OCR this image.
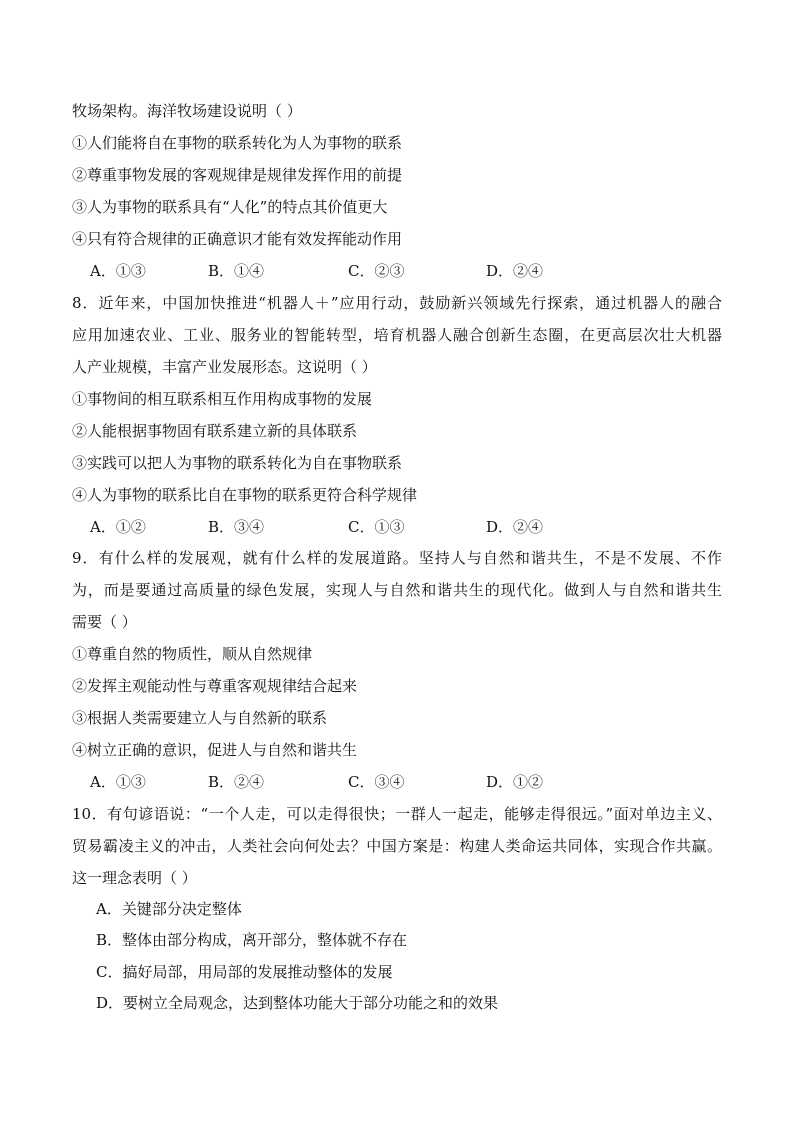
牧场架构。海洋牧场建设说明（ ）
①人们能将自在事物的联系转化为人为事物的联系
②尊重事物发展的客观规律是规律发挥作用的前提
③人为事物的联系具有“人化”的特点其价值更大
④只有符合规律的正确意识才能有效发挥能动作用
A．①③	B．①④	C．②③	D．②④
8．近年来，中国加快推进“机器人＋”应用行动，鼓励新兴领域先行探索，通过机器人的融合
应用加速农业、工业、服务业的智能转型，培育机器人融合创新生态圈，在更高层次壮大机器
人产业规模，丰富产业发展形态。这说明（ ）
①事物间的相互联系相互作用构成事物的发展
②人能根据事物固有联系建立新的具体联系
③实践可以把人为事物的联系转化为自在事物联系
④人为事物的联系比自在事物的联系更符合科学规律
A．①②	B．③④	C．①③	D．②④
9．有什么样的发展观，就有什么样的发展道路。坚持人与自然和谐共生，不是不发展、不作
为，而是要通过高质量的绿色发展，实现人与自然和谐共生的现代化。做到人与自然和谐共生
需要（ ）
①尊重自然的物质性，顺从自然规律
②发挥主观能动性与尊重客观规律结合起来
③根据人类需要建立人与自然新的联系
④树立正确的意识，促进人与自然和谐共生
A．①③	B．②④	C．③④	D．①②
10．有句谚语说：“一个人走，可以走得很快；一群人一起走，能够走得很远。”面对单边主义、
贸易霸凌主义的冲击，人类社会向何处去？中国方案是：构建人类命运共同体，实现合作共赢。
这一理念表明（ ）
A．关键部分决定整体
B．整体由部分构成，离开部分，整体就不存在
C．搞好局部，用局部的发展推动整体的发展
D．要树立全局观念，达到整体功能大于部分功能之和的效果
